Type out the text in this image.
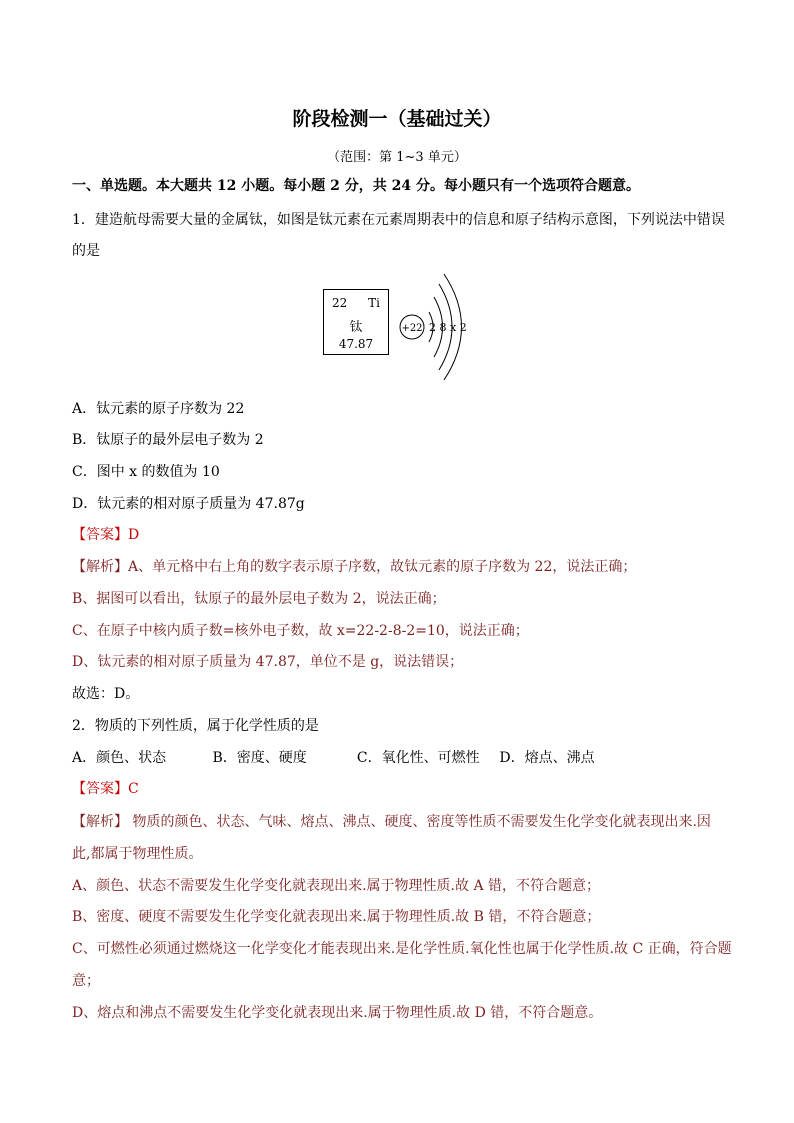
阶段检测一（基础过关）
（范围：第 1~3 单元）
一、单选题。本大题共 12 小题。每小题 2 分，共 24 分。每小题只有一个选项符合题意。
1．建造航母需要大量的金属钛，如图是钛元素在元素周期表中的信息和原子结构示意图，下列说法中错误
的是
22 Ti
钛
47.87
+22 2 8 x 2
A．钛元素的原子序数为 22
B．钛原子的最外层电子数为 2
C．图中 x 的数值为 10
D．钛元素的相对原子质量为 47.87g
【答案】D
【解析】A、单元格中右上角的数字表示原子序数，故钛元素的原子序数为 22，说法正确；
B、据图可以看出，钛原子的最外层电子数为 2，说法正确；
C、在原子中核内质子数=核外电子数，故 x=22-2-8-2=10，说法正确；
D、钛元素的相对原子质量为 47.87，单位不是 g，说法错误；
故选：D。
2．物质的下列性质，属于化学性质的是
A．颜色、状态	B．密度、硬度	C．氧化性、可燃性 D．熔点、沸点
【答案】C
【解析】 物质的颜色、状态、气味、熔点、沸点、硬度、密度等性质不需要发生化学变化就表现出来.因
此,都属于物理性质。
A、颜色、状态不需要发生化学变化就表现出来.属于物理性质.故 A 错，不符合题意；
B、密度、硬度不需要发生化学变化就表现出来.属于物理性质.故 B 错，不符合题意；
C、可燃性必须通过燃烧这一化学变化才能表现出来.是化学性质.氧化性也属于化学性质.故 C 正确，符合题
意；
D、熔点和沸点不需要发生化学变化就表现出来.属于物理性质.故 D 错，不符合题意。
